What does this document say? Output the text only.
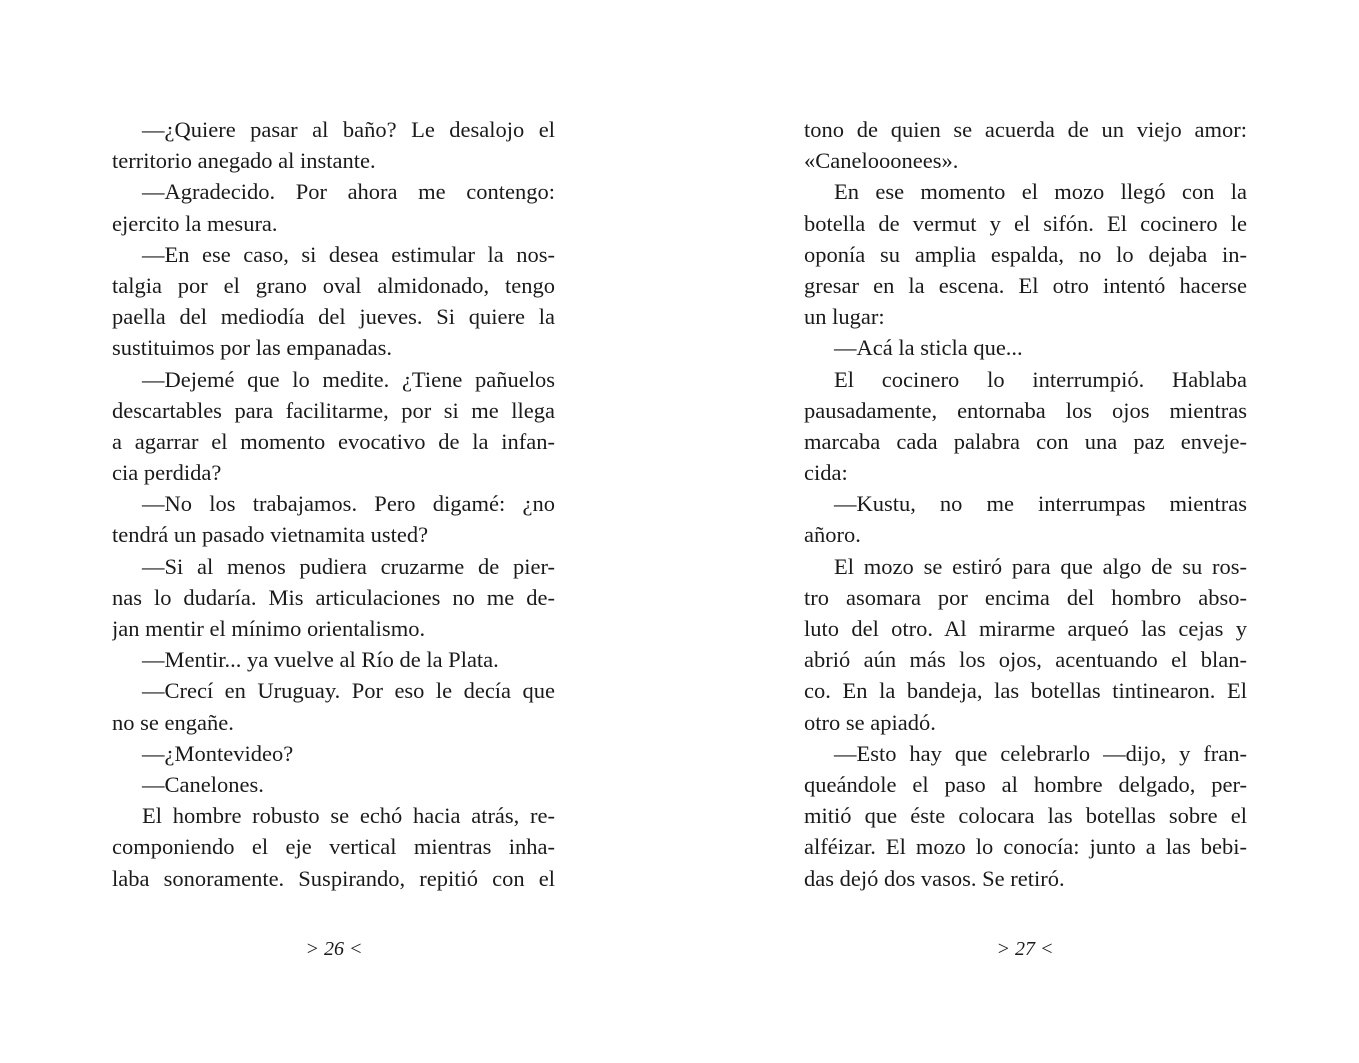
—¿Quiere pasar al baño? Le desalojo el
territorio anegado al instante.
—Agradecido. Por ahora me contengo:
ejercito la mesura.
—En ese caso, si desea estimular la nos-
talgia por el grano oval almidonado, tengo
paella del mediodía del jueves. Si quiere la
sustituimos por las empanadas.
—Dejemé que lo medite. ¿Tiene pañuelos
descartables para facilitarme, por si me llega
a agarrar el momento evocativo de la infan-
cia perdida?
—No los trabajamos. Pero digamé: ¿no
tendrá un pasado vietnamita usted?
—Si al menos pudiera cruzarme de pier-
nas lo dudaría. Mis articulaciones no me de-
jan mentir el mínimo orientalismo.
—Mentir... ya vuelve al Río de la Plata.
—Crecí en Uruguay. Por eso le decía que
no se engañe.
—¿Montevideo?
—Canelones.
El hombre robusto se echó hacia atrás, re-
componiendo el eje vertical mientras inha-
laba sonoramente. Suspirando, repitió con el
tono de quien se acuerda de un viejo amor:
«Canelooonees».
En ese momento el mozo llegó con la
botella de vermut y el sifón. El cocinero le
oponía su amplia espalda, no lo dejaba in-
gresar en la escena. El otro intentó hacerse
un lugar:
—Acá la sticla que...
El cocinero lo interrumpió. Hablaba
pausadamente, entornaba los ojos mientras
marcaba cada palabra con una paz enveje-
cida:
—Kustu, no me interrumpas mientras
añoro.
El mozo se estiró para que algo de su ros-
tro asomara por encima del hombro abso-
luto del otro. Al mirarme arqueó las cejas y
abrió aún más los ojos, acentuando el blan-
co. En la bandeja, las botellas tintinearon. El
otro se apiadó.
—Esto hay que celebrarlo —dijo, y fran-
queándole el paso al hombre delgado, per-
mitió que éste colocara las botellas sobre el
alféizar. El mozo lo conocía: junto a las bebi-
das dejó dos vasos. Se retiró.
> 26 <	> 27 <
